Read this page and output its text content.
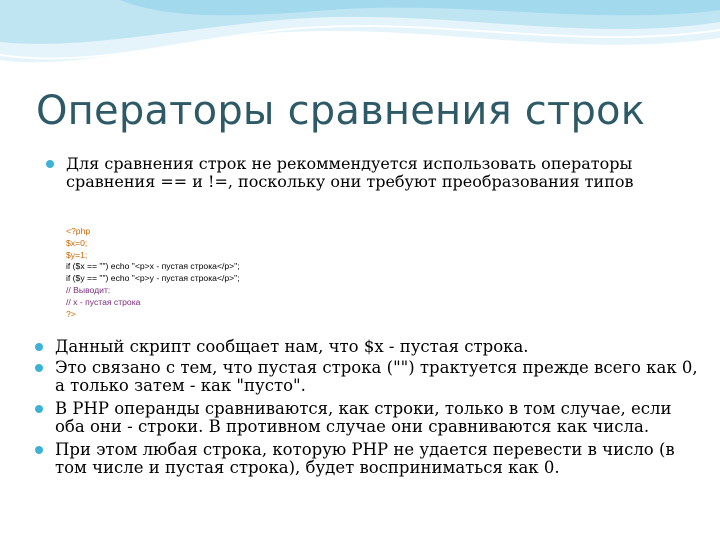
Операторы сравнения строк
Для сравнения строк не рекоммендуется использовать операторы
сравнения == и !=, поскольку они требуют преобразования типов
<?php
$x=0;
$y=1;
if ($x == "") echo "<p>x - пустая строка</p>";
if ($y == "") echo "<p>y - пустая строка</p>";
// Выводит:
// x - пустая строка
?>
Данный скрипт сообщает нам, что $x - пустая строка.
Это связано с тем, что пустая строка ("") трактуется прежде всего как 0,
а только затем - как "пусто".
В PHP операнды сравниваются, как строки, только в том случае, если
оба они - строки. В противном случае они сравниваются как числа.
При этом любая строка, которую PHP не удается перевести в число (в
том числе и пустая строка), будет восприниматься как 0.
